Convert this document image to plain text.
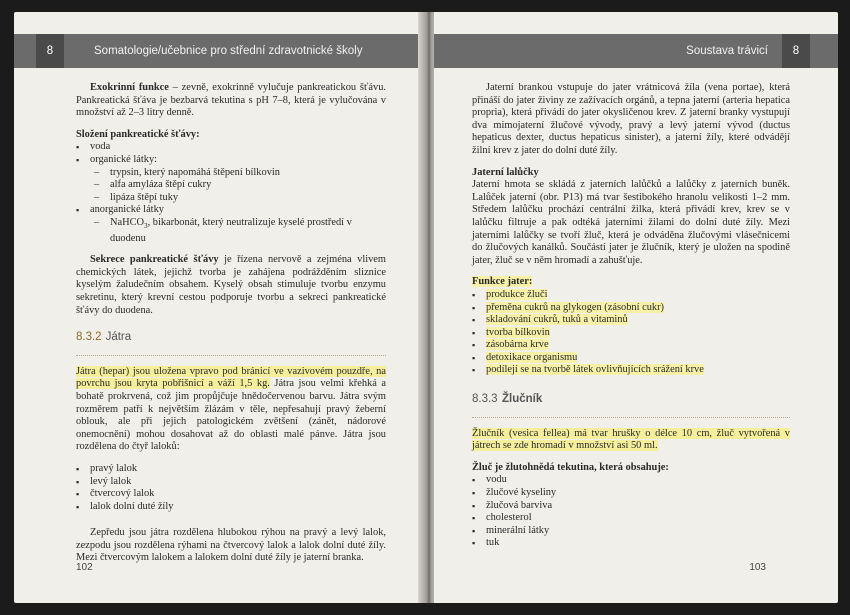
8	Somatologie/učebnice pro střední zdravotnické školy

Exokrinní funkce – zevně, exokrinně vylučuje pankreatickou šťávu. Pankreatická šťáva je bezbarvá tekutina s pH 7–8, která je vylučována v množství až 2–3 litry denně.

Složení pankreatické šťávy:
▪ voda
▪ organické látky:
– trypsin, který napomáhá štěpení bílkovin
– alfa amyláza štěpí cukry
– lipáza štěpí tuky
▪ anorganické látky
– NaHCO$_3$, bikarbonát, který neutralizuje kyselé prostředí v duodenu

Sekrece pankreatické šťávy je řízena nervově a zejména vlivem chemických látek, jejichž tvorba je zahájena podrážděním sliznice kyselým žaludečním obsahem. Kyselý obsah stimuluje tvorbu enzymu sekretinu, který krevní cestou podporuje tvorbu a sekreci pankreatické šťávy do duodena.

8.3.2 Játra

Játra (hepar) jsou uložena vpravo pod bránicí ve vazivovém pouzdře, na povrchu jsou kryta pobřišnicí a váží 1,5 kg. Játra jsou velmi křehká a bohatě prokrvená, což jim propůjčuje hnědočervenou barvu. Játra svým rozměrem patří k největším žlázám v těle, nepřesahují pravý žeberní oblouk, ale při jejich patologickém zvětšení (zánět, nádorové onemocnění) mohou dosahovat až do oblasti malé pánve. Játra jsou rozdělena do čtyř laloků:

▪ pravý lalok
▪ levý lalok
▪ čtvercový lalok
▪ lalok dolní duté žíly

Zepředu jsou játra rozdělena hlubokou rýhou na pravý a levý lalok, zezpodu jsou rozdělena rýhami na čtvercový lalok a lalok dolní duté žíly. Mezi čtvercovým lalokem a lalokem dolní duté žíly je jaterní branka.

102
Soustava trávicí	8

Jaterní brankou vstupuje do jater vrátnicová žíla (vena portae), která přináší do jater živiny ze zažívacích orgánů, a tepna jaterní (arteria hepatica propria), která přivádí do jater okysličenou krev. Z jaterní branky vystupují dva mimojaterní žlučové vývody, pravý a levý jaterní vývod (ductus hepaticus dexter, ductus hepaticus sinister), a jaterní žíly, které odvádějí žilní krev z jater do dolní duté žíly.

Jaterní lalůčky

Jaterní hmota se skládá z jaterních lalůčků a lalůčky z jaterních buněk. Lalůček jaterní (obr. P13) má tvar šestibokého hranolu velikosti 1–2 mm. Středem lalůčku prochází centrální žilka, která přivádí krev, krev se v lalůčku filtruje a pak odtéká jaterními žilami do dolní duté žíly. Mezi jaterními lalůčky se tvoří žluč, která je odváděna žlučovými vlásečnicemi do žlučových kanálků. Součástí jater je žlučník, který je uložen na spodině jater, žluč se v něm hromadí a zahušťuje.

Funkce jater:
▪ produkce žluči
▪ přeměna cukrů na glykogen (zásobní cukr)
▪ skladování cukrů, tuků a vitaminů
▪ tvorba bílkovin
▪ zásobárna krve
▪ detoxikace organismu
▪ podílejí se na tvorbě látek ovlivňujících srážení krve
8.3.3 Žlučník

Žlučník (vesica fellea) má tvar hrušky o délce 10 cm, žluč vytvořená v játrech se zde hromadí v množství asi 50 ml.

Žluč je žlutohnědá tekutina, která obsahuje:
▪ vodu
▪ žlučové kyseliny
▪ žlučová barviva
▪ cholesterol
▪ minerální látky
▪ tuk
103
